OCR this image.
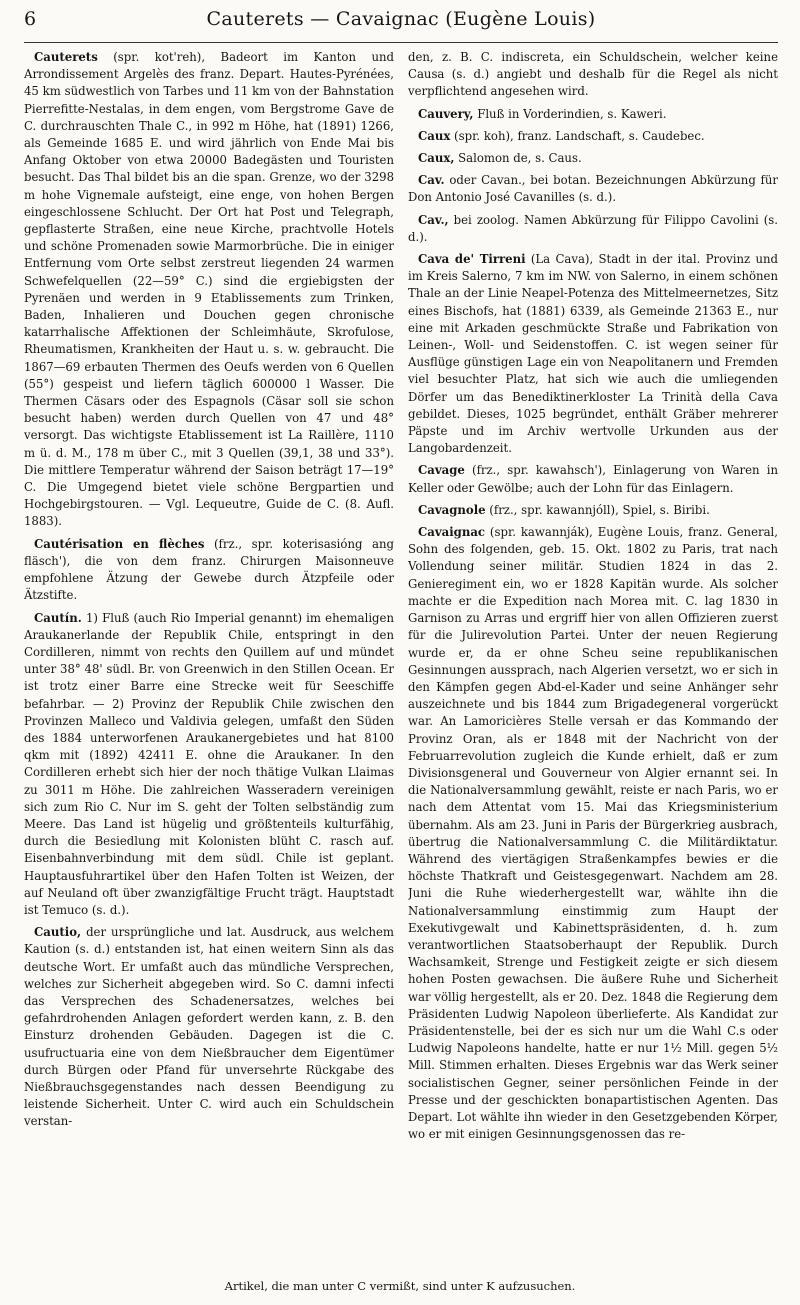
6	Cauterets — Cavaignac (Eugène Louis)

Cauterets (spr. kot'reh), Badeort im Kanton und Arrondissement Argelès des franz. Depart. Hautes-Pyrénées, 45 km südwestlich von Tarbes und 11 km von der Bahnstation Pierrefitte-Nestalas, in dem engen, vom Bergstrome Gave de C. durchrauschten Thale C., in 992 m Höhe, hat (1891) 1266, als Gemeinde 1685 E. und wird jährlich von Ende Mai bis Anfang Oktober von etwa 20000 Badegästen und Touristen besucht. Das Thal bildet bis an die span. Grenze, wo der 3298 m hohe Vignemale aufsteigt, eine enge, von hohen Bergen eingeschlossene Schlucht. Der Ort hat Post und Telegraph, gepflasterte Straßen, eine neue Kirche, prachtvolle Hotels und schöne Promenaden sowie Marmorbrüche. Die in einiger Entfernung vom Orte selbst zerstreut liegenden 24 warmen Schwefelquellen (22—59° C.) sind die ergiebigsten der Pyrenäen und werden in 9 Etablissements zum Trinken, Baden, Inhalieren und Douchen gegen chronische katarrhalische Affektionen der Schleimhäute, Skrofulose, Rheumatismen, Krankheiten der Haut u. s. w. gebraucht. Die 1867—69 erbauten Thermen des Oeufs werden von 6 Quellen (55°) gespeist und liefern täglich 600000 l Wasser. Die Thermen Cäsars oder des Espagnols (Cäsar soll sie schon besucht haben) werden durch Quellen von 47 und 48° versorgt. Das wichtigste Etablissement ist La Raillère, 1110 m ü. d. M., 178 m über C., mit 3 Quellen (39,1, 38 und 33°). Die mittlere Temperatur während der Saison beträgt 17—19° C. Die Umgegend bietet viele schöne Bergpartien und Hochgebirgstouren. — Vgl. Lequeutre, Guide de C. (8. Aufl. 1883).

Cautérisation en flèches (frz., spr. koterisasióng ang fläsch'), die von dem franz. Chirurgen Maisonneuve empfohlene Ätzung der Gewebe durch Ätzpfeile oder Ätzstifte.

Cautín. 1) Fluß (auch Rio Imperial genannt) im ehemaligen Araukanerlande der Republik Chile, entspringt in den Cordilleren, nimmt von rechts den Quillem auf und mündet unter 38° 48' südl. Br. von Greenwich in den Stillen Ocean. Er ist trotz einer Barre eine Strecke weit für Seeschiffe befahrbar. — 2) Provinz der Republik Chile zwischen den Provinzen Malleco und Valdivia gelegen, umfaßt den Süden des 1884 unterworfenen Araukanergebietes und hat 8100 qkm mit (1892) 42411 E. ohne die Araukaner. In den Cordilleren erhebt sich hier der noch thätige Vulkan Llaimas zu 3011 m Höhe. Die zahlreichen Wasseradern vereinigen sich zum Rio C. Nur im S. geht der Tolten selbständig zum Meere. Das Land ist hügelig und größtenteils kulturfähig, durch die Besiedlung mit Kolonisten blüht C. rasch auf. Eisenbahnverbindung mit dem südl. Chile ist geplant. Hauptausfuhrartikel über den Hafen Tolten ist Weizen, der auf Neuland oft über zwanzigfältige Frucht trägt. Hauptstadt ist Temuco (s. d.).

Cautio, der ursprüngliche und lat. Ausdruck, aus welchem Kaution (s. d.) entstanden ist, hat einen weitern Sinn als das deutsche Wort. Er umfaßt auch das mündliche Versprechen, welches zur Sicherheit abgegeben wird. So C. damni infecti das Versprechen des Schadenersatzes, welches bei gefahrdrohenden Anlagen gefordert werden kann, z. B. den Einsturz drohenden Gebäuden. Dagegen ist die C. usufructuaria eine von dem Nießbraucher dem Eigentümer durch Bürgen oder Pfand für unversehrte Rückgabe des Nießbrauchsgegenstandes nach dessen Beendigung zu leistende Sicherheit. Unter C. wird auch ein Schuldschein verstan-

den, z. B. C. indiscreta, ein Schuldschein, welcher keine Causa (s. d.) angiebt und deshalb für die Regel als nicht verpflichtend angesehen wird.

Cauvery, Fluß in Vorderindien, s. Kaweri.

Caux (spr. koh), franz. Landschaft, s. Caudebec.

Caux, Salomon de, s. Caus.

Cav. oder Cavan., bei botan. Bezeichnungen Abkürzung für Don Antonio José Cavanilles (s. d.).

Cav., bei zoolog. Namen Abkürzung für Filippo Cavolini (s. d.).

Cava de' Tirreni (La Cava), Stadt in der ital. Provinz und im Kreis Salerno, 7 km im NW. von Salerno, in einem schönen Thale an der Linie Neapel-Potenza des Mittelmeernetzes, Sitz eines Bischofs, hat (1881) 6339, als Gemeinde 21363 E., nur eine mit Arkaden geschmückte Straße und Fabrikation von Leinen-, Woll- und Seidenstoffen. C. ist wegen seiner für Ausflüge günstigen Lage ein von Neapolitanern und Fremden viel besuchter Platz, hat sich wie auch die umliegenden Dörfer um das Benediktinerkloster La Trinità della Cava gebildet. Dieses, 1025 begründet, enthält Gräber mehrerer Päpste und im Archiv wertvolle Urkunden aus der Langobardenzeit.

Cavage (frz., spr. kawahsch'), Einlagerung von Waren in Keller oder Gewölbe; auch der Lohn für das Einlagern.

Cavagnole (frz., spr. kawannjóll), Spiel, s. Biribi.

Cavaignac (spr. kawannják), Eugène Louis, franz. General, Sohn des folgenden, geb. 15. Okt. 1802 zu Paris, trat nach Vollendung seiner militär. Studien 1824 in das 2. Genieregiment ein, wo er 1828 Kapitän wurde. Als solcher machte er die Expedition nach Morea mit. C. lag 1830 in Garnison zu Arras und ergriff hier von allen Offizieren zuerst für die Julirevolution Partei. Unter der neuen Regierung wurde er, da er ohne Scheu seine republikanischen Gesinnungen aussprach, nach Algerien versetzt, wo er sich in den Kämpfen gegen Abd-el-Kader und seine Anhänger sehr auszeichnete und bis 1844 zum Brigadegeneral vorgerückt war. An Lamoricières Stelle versah er das Kommando der Provinz Oran, als er 1848 mit der Nachricht von der Februarrevolution zugleich die Kunde erhielt, daß er zum Divisionsgeneral und Gouverneur von Algier ernannt sei. In die Nationalversammlung gewählt, reiste er nach Paris, wo er nach dem Attentat vom 15. Mai das Kriegsministerium übernahm. Als am 23. Juni in Paris der Bürgerkrieg ausbrach, übertrug die Nationalversammlung C. die Militärdiktatur. Während des viertägigen Straßenkampfes bewies er die höchste Thatkraft und Geistesgegenwart. Nachdem am 28. Juni die Ruhe wiederhergestellt war, wählte ihn die Nationalversammlung einstimmig zum Haupt der Exekutivgewalt und Kabinettspräsidenten, d. h. zum verantwortlichen Staatsoberhaupt der Republik. Durch Wachsamkeit, Strenge und Festigkeit zeigte er sich diesem hohen Posten gewachsen. Die äußere Ruhe und Sicherheit war völlig hergestellt, als er 20. Dez. 1848 die Regierung dem Präsidenten Ludwig Napoleon überlieferte. Als Kandidat zur Präsidentenstelle, bei der es sich nur um die Wahl C.s oder Ludwig Napoleons handelte, hatte er nur 1½ Mill. gegen 5½ Mill. Stimmen erhalten. Dieses Ergebnis war das Werk seiner socialistischen Gegner, seiner persönlichen Feinde in der Presse und der geschickten bonapartistischen Agenten. Das Depart. Lot wählte ihn wieder in den Gesetzgebenden Körper, wo er mit einigen Gesinnungsgenossen das re-

Artikel, die man unter C vermißt, sind unter K aufzusuchen.
